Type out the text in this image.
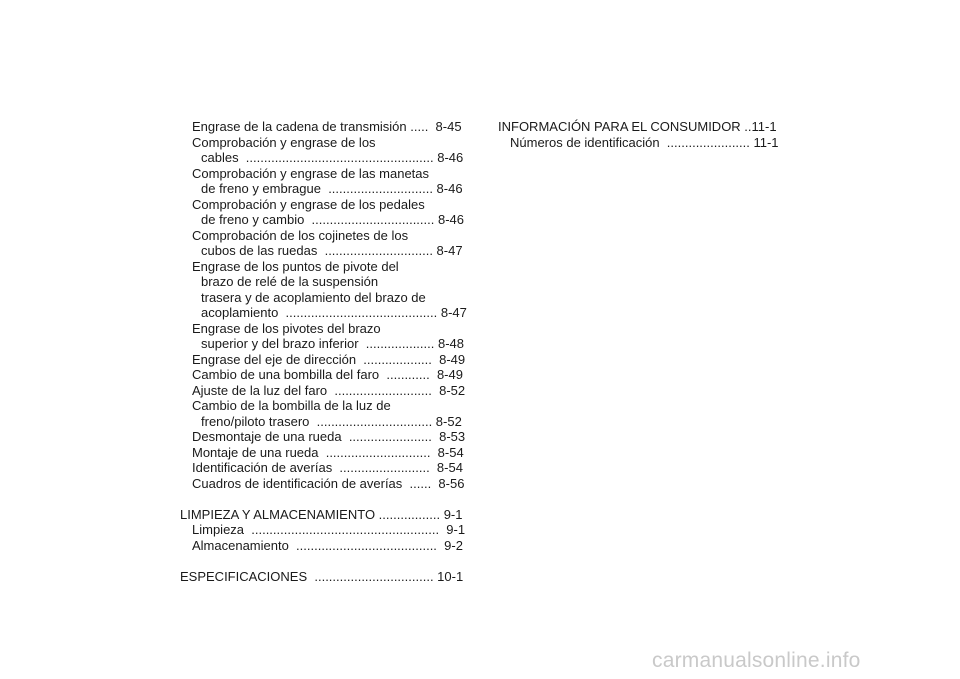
Engrase de la cadena de transmisión .....  8-45
Comprobación y engrase de los
cables  .................................................... 8-46
Comprobación y engrase de las manetas
de freno y embrague  ............................. 8-46
Comprobación y engrase de los pedales
de freno y cambio  .................................. 8-46
Comprobación de los cojinetes de los
cubos de las ruedas  .............................. 8-47
Engrase de los puntos de pivote del
brazo de relé de la suspensión
trasera y de acoplamiento del brazo de
acoplamiento  .......................................... 8-47
Engrase de los pivotes del brazo
superior y del brazo inferior  ................... 8-48
Engrase del eje de dirección  ...................  8-49
Cambio de una bombilla del faro  ............  8-49
Ajuste de la luz del faro  ...........................  8-52
Cambio de la bombilla de la luz de
freno/piloto trasero  ................................ 8-52
Desmontaje de una rueda  .......................  8-53
Montaje de una rueda  .............................  8-54
Identificación de averías  .........................  8-54
Cuadros de identificación de averías  ......  8-56
LIMPIEZA Y ALMACENAMIENTO ................. 9-1
Limpieza  ....................................................  9-1
Almacenamiento  .......................................  9-2
ESPECIFICACIONES  ................................. 10-1
INFORMACIÓN PARA EL CONSUMIDOR ..11-1
Números de identificación  ....................... 11-1
carmanualsonline.info
